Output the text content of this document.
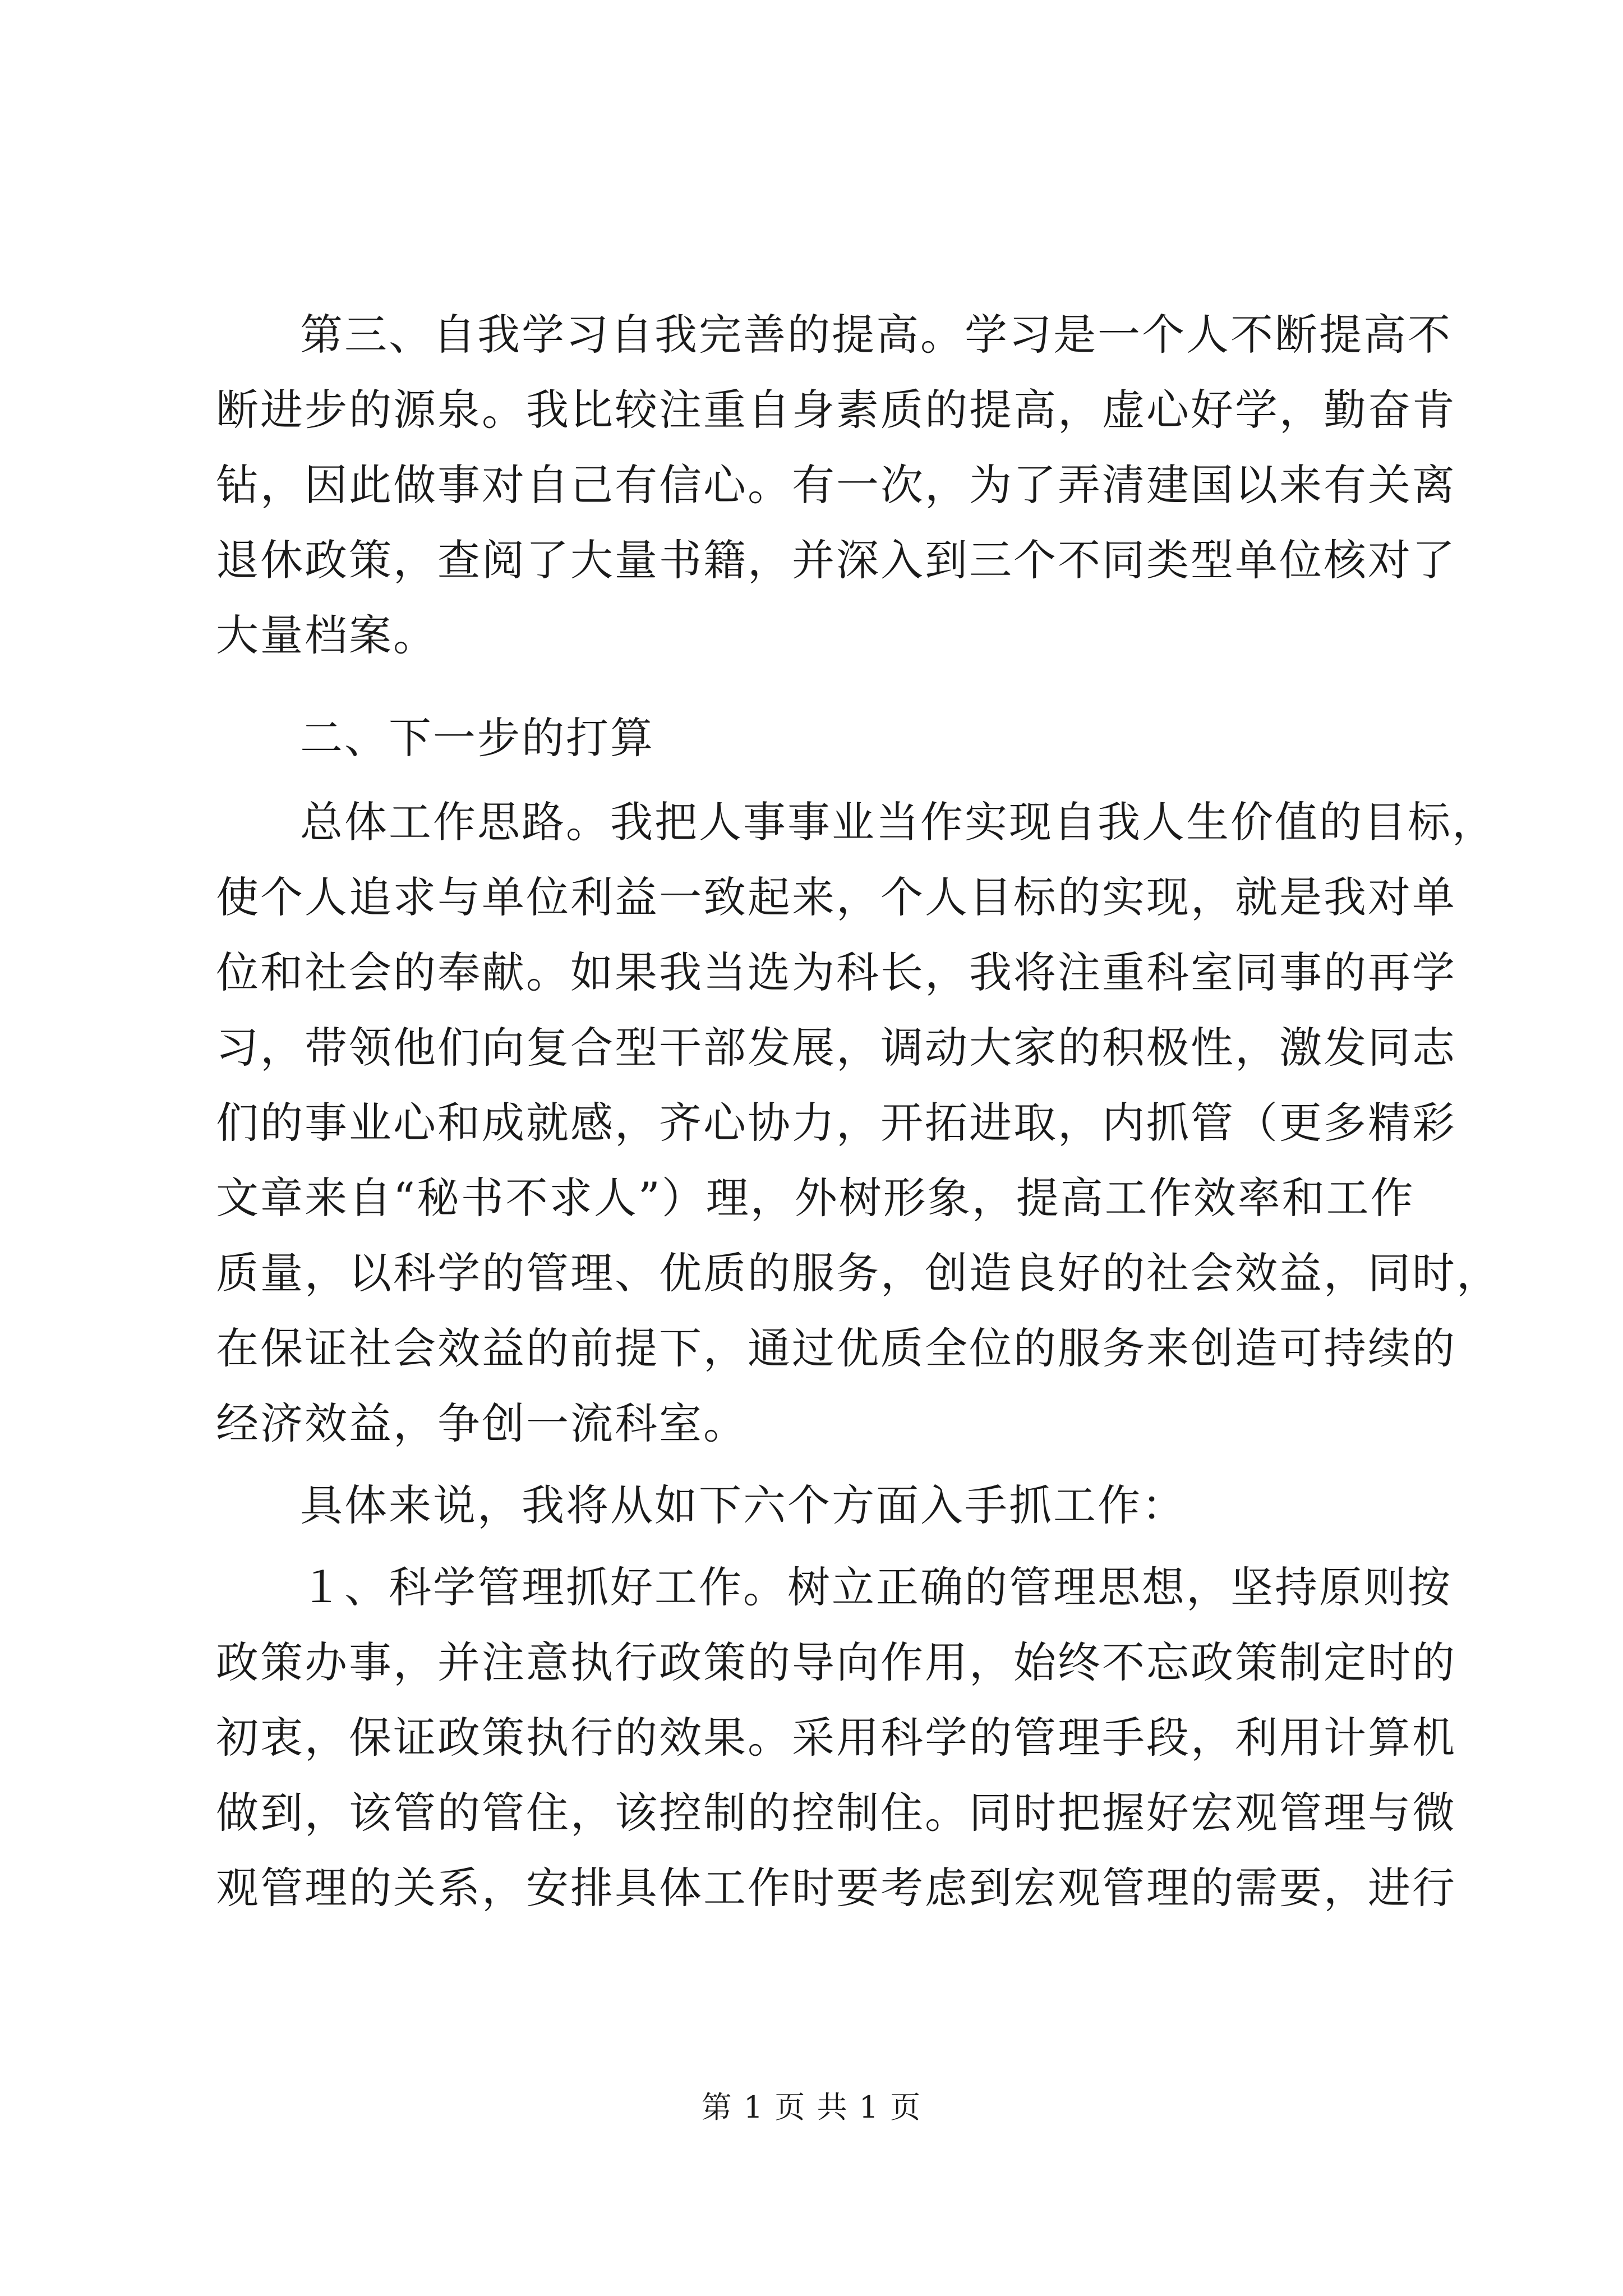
第三、自我学习自我完善的提高。学习是一个人不断提高不
断进步的源泉。我比较注重自身素质的提高，虚心好学，勤奋肯
钻，因此做事对自己有信心。有一次，为了弄清建国以来有关离
退休政策，查阅了大量书籍，并深入到三个不同类型单位核对了
大量档案。
二、下一步的打算
总体工作思路。我把人事事业当作实现自我人生价值的目标，
使个人追求与单位利益一致起来，个人目标的实现，就是我对单
位和社会的奉献。如果我当选为科长，我将注重科室同事的再学
习，带领他们向复合型干部发展，调动大家的积极性，激发同志
们的事业心和成就感，齐心协力，开拓进取，内抓管（更多精彩
文章来自“秘书不求人”）理，外树形象，提高工作效率和工作
质量，以科学的管理、优质的服务，创造良好的社会效益，同时，
在保证社会效益的前提下，通过优质全位的服务来创造可持续的
经济效益，争创一流科室。
具体来说，我将从如下六个方面入手抓工作：
１、科学管理抓好工作。树立正确的管理思想，坚持原则按
政策办事，并注意执行政策的导向作用，始终不忘政策制定时的
初衷，保证政策执行的效果。采用科学的管理手段，利用计算机
做到，该管的管住，该控制的控制住。同时把握好宏观管理与微
观管理的关系，安排具体工作时要考虑到宏观管理的需要，进行
第 1 页 共 1 页
